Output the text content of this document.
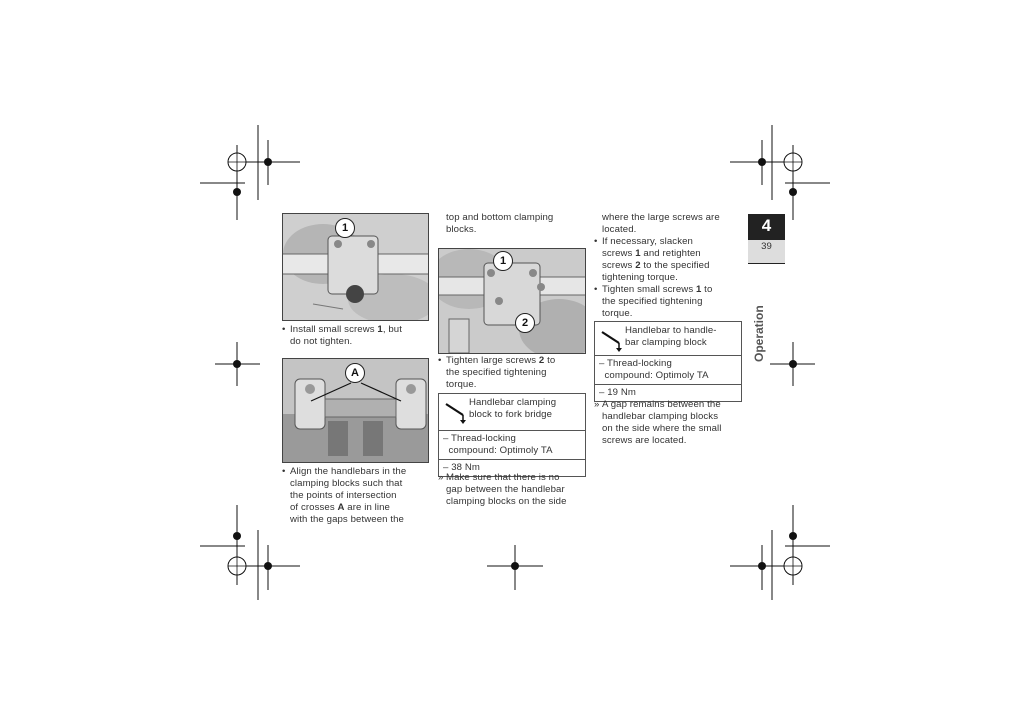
1
• Install small screws 1, but
do not tighten.
A
• Align the handlebars in the
clamping blocks such that
the points of intersection
of crosses A are in line
with the gaps between the
top and bottom clamping
blocks.
1
2
• Tighten large screws 2 to
the specified tightening
torque.
Handlebar clamping
block to fork bridge
– Thread-locking
compound: Optimoly TA
– 38 Nm
» Make sure that there is no
gap between the handlebar
clamping blocks on the side
where the large screws are
located.
• If necessary, slacken
screws 1 and retighten
screws 2 to the specified
tightening torque.
• Tighten small screws 1 to
the specified tightening
torque.
Handlebar to handle-
bar clamping block
– Thread-locking
compound: Optimoly TA
– 19 Nm
» A gap remains between the
handlebar clamping blocks
on the side where the small
screws are located.
4
39
Operation
